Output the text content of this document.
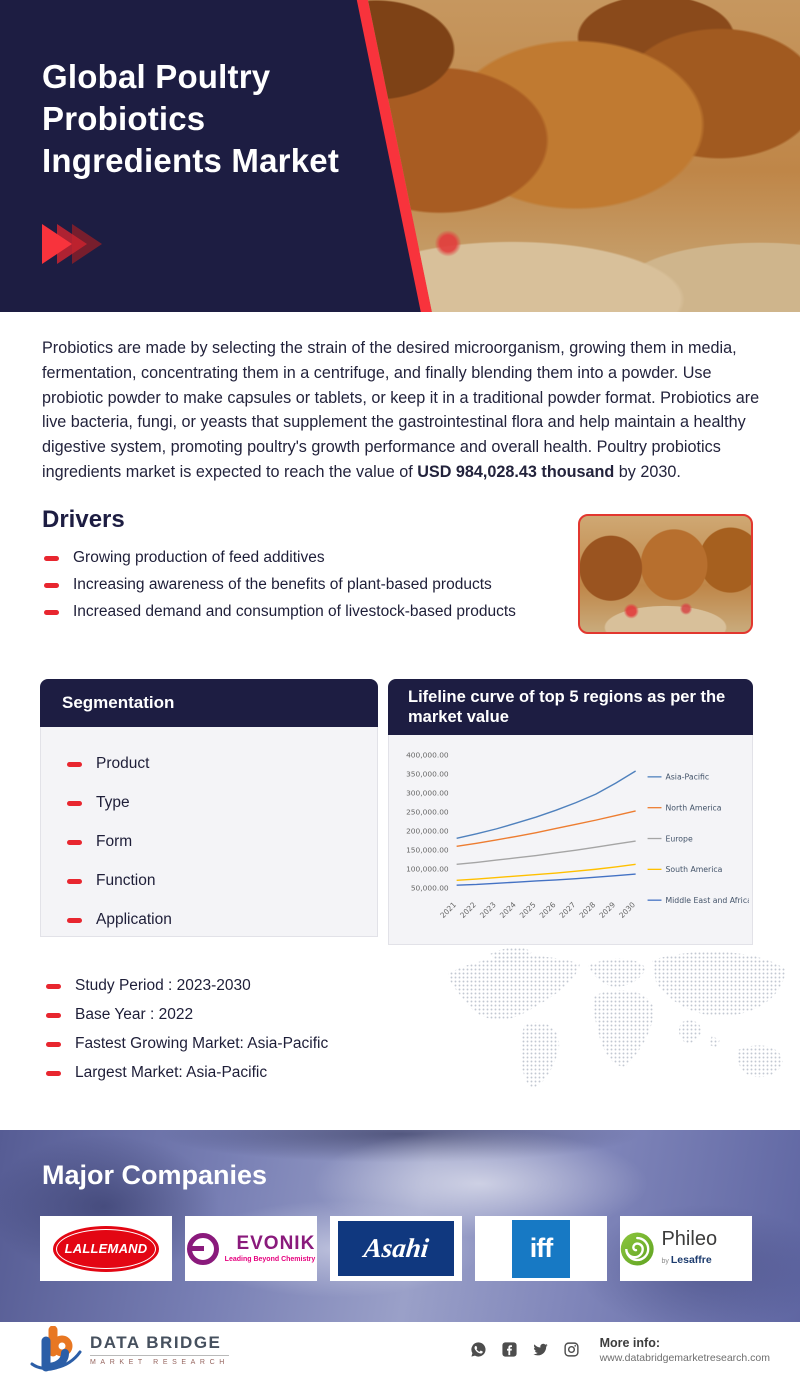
Global Poultry
Probiotics
Ingredients Market
Probiotics are made by selecting the strain of the desired microorganism, growing them in media, fermentation, concentrating them in a centrifuge, and finally blending them into a powder. Use probiotic powder to make capsules or tablets, or keep it in a traditional powder format. Probiotics are live bacteria, fungi, or yeasts that supplement the gastrointestinal flora and help maintain a healthy digestive system, promoting poultry's growth performance and overall health. Poultry probiotics ingredients market is expected to reach the value of USD 984,028.43 thousand by 2030.
Drivers
Growing production of feed additives
Increasing awareness of the benefits of plant-based products
Increased demand and consumption of livestock-based products
Segmentation
Product
Type
Form
Function
Application
Lifeline curve of top 5 regions as per the market value
400,000.00
350,000.00
300,000.00
250,000.00
200,000.00
150,000.00
100,000.00
50,000.00
2021 2022 2023 2024 2025 2026 2027 2028 2029 2030
Asia-Pacific
North America
Europe
South America
Middle East and Africa
Study Period : 2023-2030
Base Year : 2022
Fastest Growing Market: Asia-Pacific
Largest Market: Asia-Pacific
Major Companies
LALLEMAND	EVONIK
Leading Beyond Chemistry Asahi	iff	Phileo by Lesaffre
DATA BRIDGE
MARKET RESEARCH
More info:
www.databridgemarketresearch.com
